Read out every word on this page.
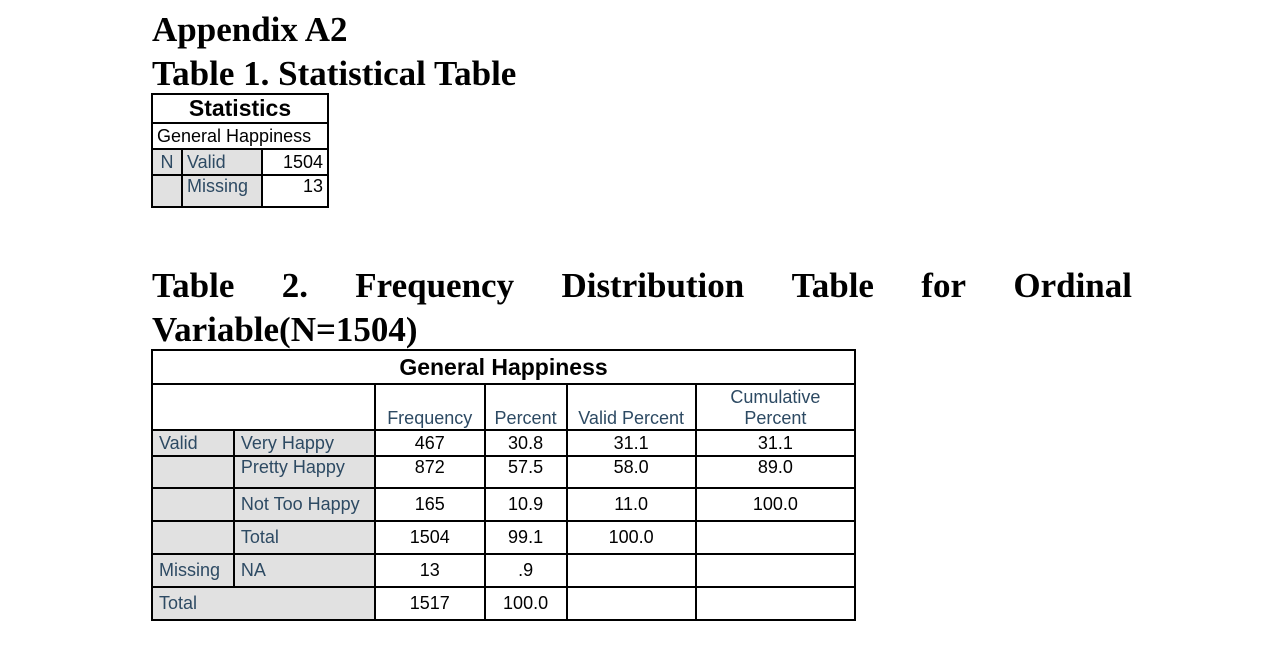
Appendix A2
Table 1. Statistical Table
Statistics		
General Happiness		
N	Valid	1504
	Missing	13
Table 2. Frequency Distribution Table for Ordinal
Variable(N=1504)
General Happiness					
		Frequency	Percent	Valid Percent	Cumulative Percent
Valid	Very Happy	467	30.8	31.1	31.1
	Pretty Happy	872	57.5	58.0	89.0
	Not Too Happy	165	10.9	11.0	100.0
	Total	1504	99.1	100.0	
Missing	NA	13	.9		
Total		1517	100.0		
